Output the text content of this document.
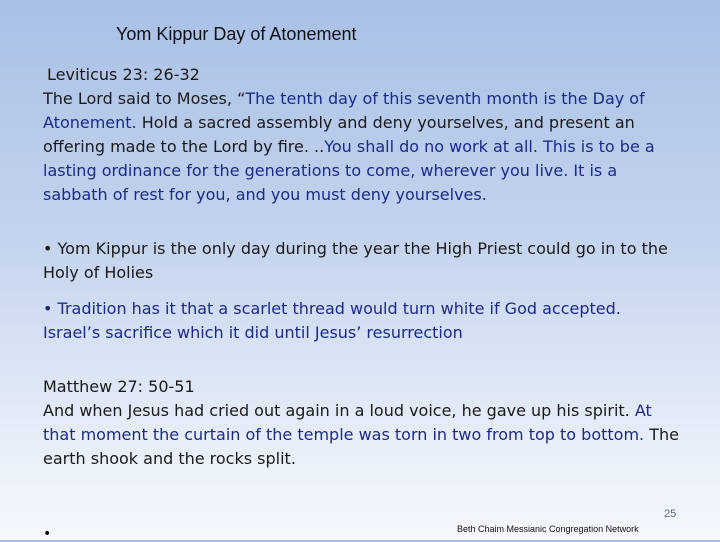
Yom Kippur Day of Atonement
Leviticus 23: 26-32
The Lord said to Moses, “The tenth day of this seventh month is the Day of Atonement. Hold a sacred assembly and deny yourselves, and present an offering made to the Lord by fire. ..You shall do no work at all. This is to be a lasting ordinance for the generations to come, wherever you live. It is a sabbath of rest for you, and you must deny yourselves.
• Yom Kippur is the only day during the year the High Priest could go in to the Holy of Holies
• Tradition has it that a scarlet thread would turn white if God accepted. Israel’s sacrifice which it did until Jesus’ resurrection
Matthew 27: 50-51
And when Jesus had cried out again in a loud voice, he gave up his spirit. At that moment the curtain of the temple was torn in two from top to bottom. The earth shook and the rocks split.
25
Beth Chaim Messianic Congregation Network
•
